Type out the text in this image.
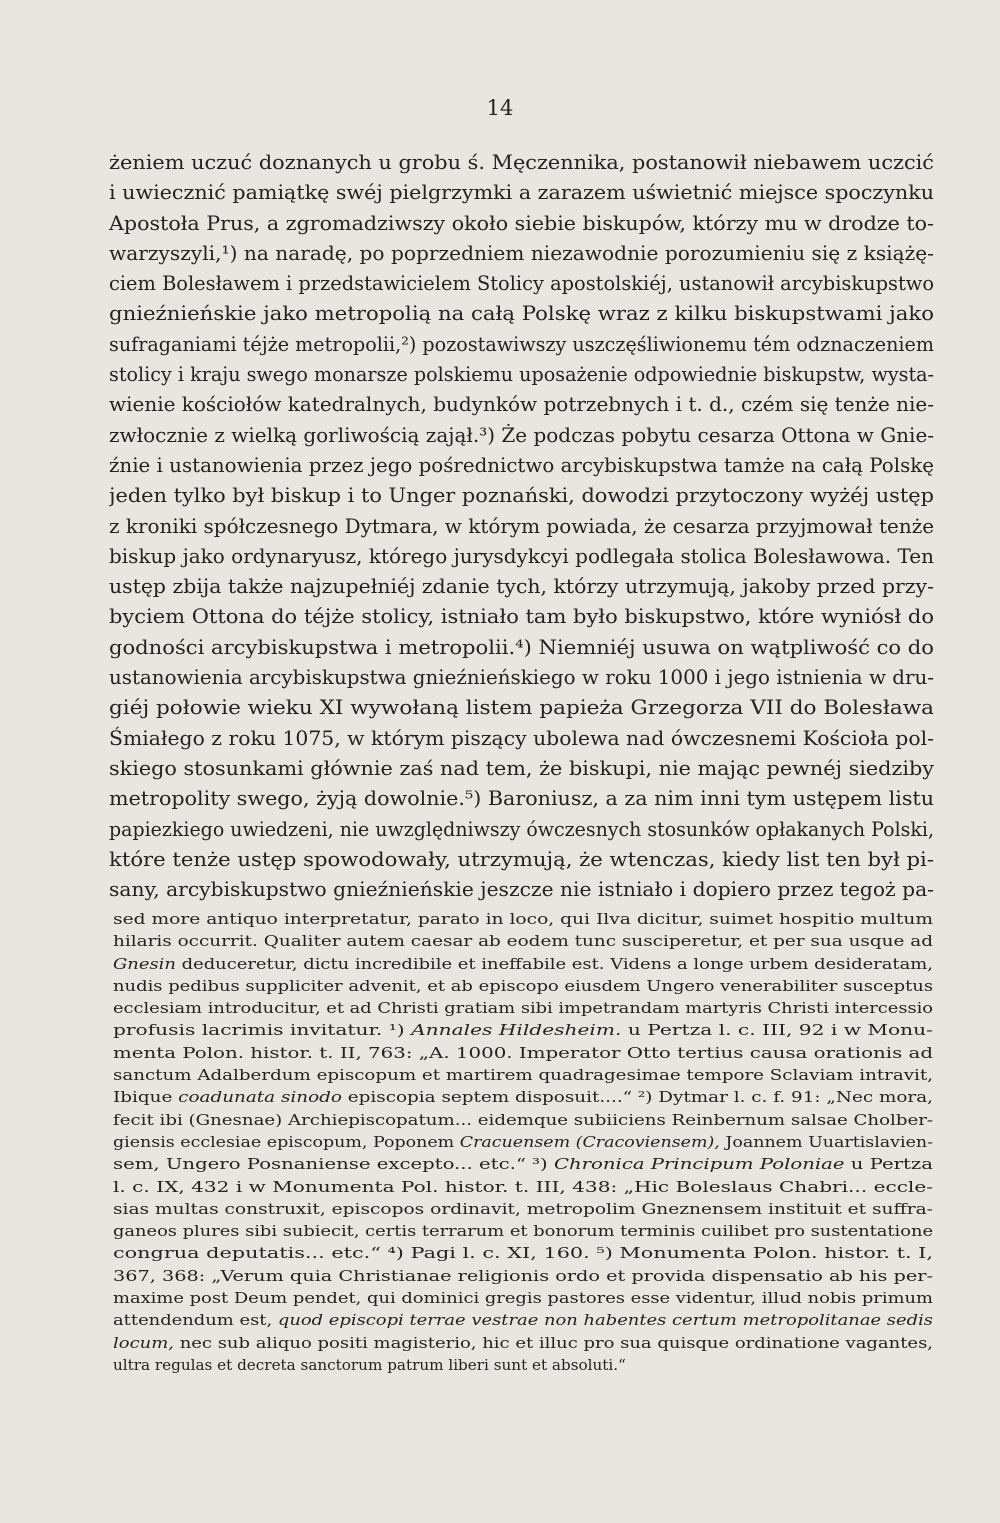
14
żeniem uczuć doznanych u grobu ś. Męczennika, postanowił niebawem uczcić
i uwiecznić pamiątkę swéj pielgrzymki a zarazem uświetnić miejsce spoczynku
Apostoła Prus, a zgromadziwszy około siebie biskupów, którzy mu w drodze to-
warzyszyli,¹) na naradę, po poprzedniem niezawodnie porozumieniu się z książę-
ciem Bolesławem i przedstawicielem Stolicy apostolskiéj, ustanowił arcybiskupstwo
gnieźnieńskie jako metropolią na całą Polskę wraz z kilku biskupstwami jako
sufraganiami téjże metropolii,²) pozostawiwszy uszczęśliwionemu tém odznaczeniem
stolicy i kraju swego monarsze polskiemu uposażenie odpowiednie biskupstw, wysta-
wienie kościołów katedralnych, budynków potrzebnych i t. d., czém się tenże nie-
zwłocznie z wielką gorliwością zajął.³) Że podczas pobytu cesarza Ottona w Gnie-
źnie i ustanowienia przez jego pośrednictwo arcybiskupstwa tamże na całą Polskę
jeden tylko był biskup i to Unger poznański, dowodzi przytoczony wyżéj ustęp
z kroniki spółczesnego Dytmara, w którym powiada, że cesarza przyjmował tenże
biskup jako ordynaryusz, którego jurysdykcyi podlegała stolica Bolesławowa. Ten
ustęp zbija także najzupełniéj zdanie tych, którzy utrzymują, jakoby przed przy-
byciem Ottona do téjże stolicy, istniało tam było biskupstwo, które wyniósł do
godności arcybiskupstwa i metropolii.⁴) Niemniéj usuwa on wątpliwość co do
ustanowienia arcybiskupstwa gnieźnieńskiego w roku 1000 i jego istnienia w dru-
giéj połowie wieku XI wywołaną listem papieża Grzegorza VII do Bolesława
Śmiałego z roku 1075, w którym piszący ubolewa nad ówczesnemi Kościoła pol-
skiego stosunkami głównie zaś nad tem, że biskupi, nie mając pewnéj siedziby
metropolity swego, żyją dowolnie.⁵) Baroniusz, a za nim inni tym ustępem listu
papiezkiego uwiedzeni, nie uwzględniwszy ówczesnych stosunków opłakanych Polski,
które tenże ustęp spowodowały, utrzymują, że wtenczas, kiedy list ten był pi-
sany, arcybiskupstwo gnieźnieńskie jeszcze nie istniało i dopiero przez tegoż pa-
sed more antiquo interpretatur, parato in loco, qui Ilva dicitur, suimet hospitio multum
hilaris occurrit. Qualiter autem caesar ab eodem tunc susciperetur, et per sua usque ad
Gnesin deduceretur, dictu incredibile et ineffabile est. Videns a longe urbem desideratam,
nudis pedibus suppliciter advenit, et ab episcopo eiusdem Ungero venerabiliter susceptus
ecclesiam introducitur, et ad Christi gratiam sibi impetrandam martyris Christi intercessio
profusis lacrimis invitatur. ¹) Annales Hildesheim. u Pertza l. c. III, 92 i w Monu-
menta Polon. histor. t. II, 763: „A. 1000. Imperator Otto tertius causa orationis ad
sanctum Adalberdum episcopum et martirem quadragesimae tempore Sclaviam intravit,
Ibique coadunata sinodo episcopia septem disposuit....“ ²) Dytmar l. c. f. 91: „Nec mora,
fecit ibi (Gnesnae) Archiepiscopatum... eidemque subiiciens Reinbernum salsae Cholber-
giensis ecclesiae episcopum, Poponem Cracuensem (Cracoviensem), Joannem Uuartislavien-
sem, Ungero Posnaniense excepto... etc.“ ³) Chronica Principum Poloniae u Pertza
l. c. IX, 432 i w Monumenta Pol. histor. t. III, 438: „Hic Boleslaus Chabri... eccle-
sias multas construxit, episcopos ordinavit, metropolim Gneznensem instituit et suffra-
ganeos plures sibi subiecit, certis terrarum et bonorum terminis cuilibet pro sustentatione
congrua deputatis... etc.“ ⁴) Pagi l. c. XI, 160. ⁵) Monumenta Polon. histor. t. I,
367, 368: „Verum quia Christianae religionis ordo et provida dispensatio ab his per-
maxime post Deum pendet, qui dominici gregis pastores esse videntur, illud nobis primum
attendendum est, quod episcopi terrae vestrae non habentes certum metropolitanae sedis
locum, nec sub aliquo positi magisterio, hic et illuc pro sua quisque ordinatione vagantes,
ultra regulas et decreta sanctorum patrum liberi sunt et absoluti.“
